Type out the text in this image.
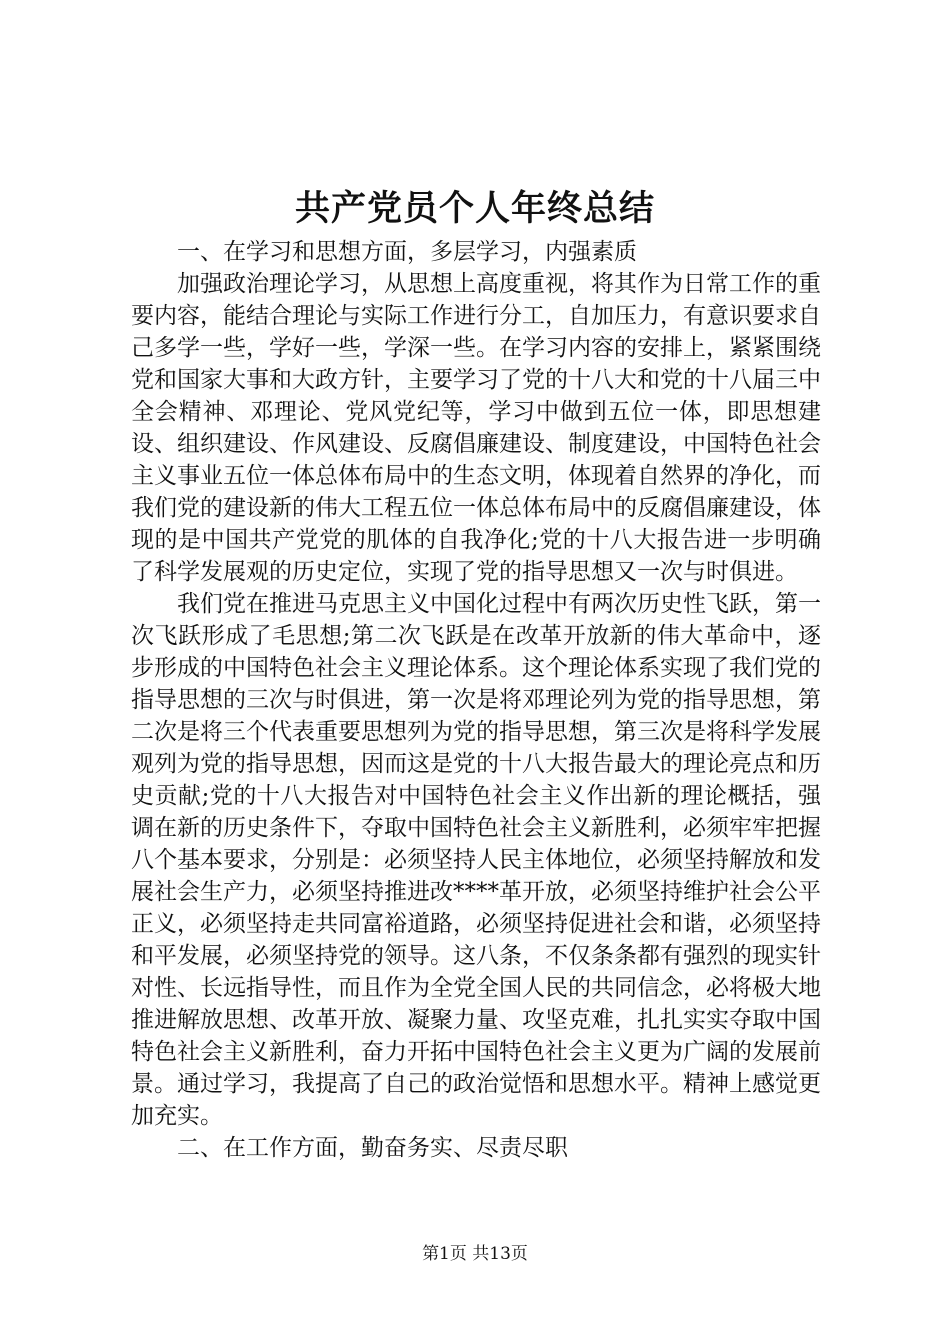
共产党员个人年终总结

一、在学习和思想方面，多层学习，内强素质

加强政治理论学习，从思想上高度重视，将其作为日常工作的重要内容，能结合理论与实际工作进行分工，自加压力，有意识要求自己多学一些，学好一些，学深一些。在学习内容的安排上，紧紧围绕党和国家大事和大政方针，主要学习了党的十八大和党的十八届三中全会精神、邓理论、党风党纪等，学习中做到五位一体，即思想建设、组织建设、作风建设、反腐倡廉建设、制度建设，中国特色社会主义事业五位一体总体布局中的生态文明，体现着自然界的净化，而我们党的建设新的伟大工程五位一体总体布局中的反腐倡廉建设，体现的是中国共产党党的肌体的自我净化;党的十八大报告进一步明确了科学发展观的历史定位，实现了党的指导思想又一次与时俱进。

我们党在推进马克思主义中国化过程中有两次历史性飞跃，第一次飞跃形成了毛思想;第二次飞跃是在改革开放新的伟大革命中，逐步形成的中国特色社会主义理论体系。这个理论体系实现了我们党的指导思想的三次与时俱进，第一次是将邓理论列为党的指导思想，第二次是将三个代表重要思想列为党的指导思想，第三次是将科学发展观列为党的指导思想，因而这是党的十八大报告最大的理论亮点和历史贡献;党的十八大报告对中国特色社会主义作出新的理论概括，强调在新的历史条件下，夺取中国特色社会主义新胜利，必须牢牢把握八个基本要求，分别是：必须坚持人民主体地位，必须坚持解放和发展社会生产力，必须坚持推进改****革开放，必须坚持维护社会公平正义，必须坚持走共同富裕道路，必须坚持促进社会和谐，必须坚持和平发展，必须坚持党的领导。这八条，不仅条条都有强烈的现实针对性、长远指导性，而且作为全党全国人民的共同信念，必将极大地推进解放思想、改革开放、凝聚力量、攻坚克难，扎扎实实夺取中国特色社会主义新胜利，奋力开拓中国特色社会主义更为广阔的发展前景。通过学习，我提高了自己的政治觉悟和思想水平。精神上感觉更加充实。

二、在工作方面，勤奋务实、尽责尽职

第1页 共13页
